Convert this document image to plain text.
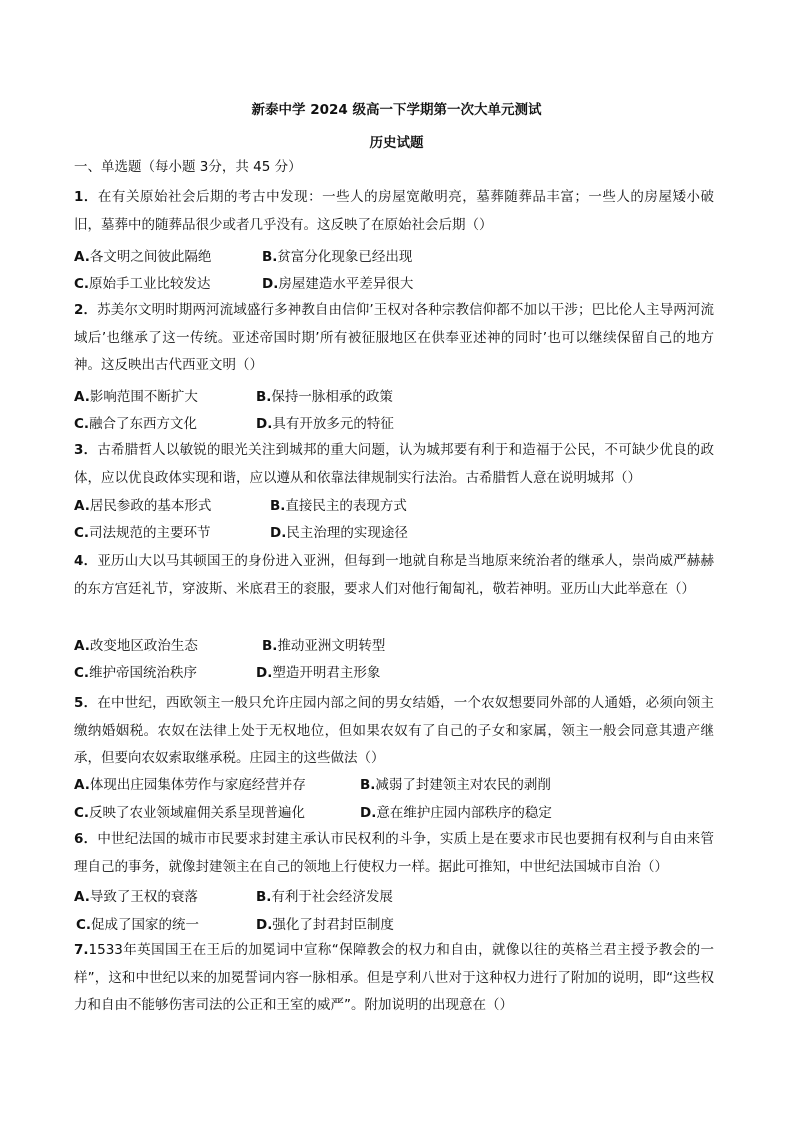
新泰中学 2024 级高一下学期第一次大单元测试
历史试题
一、单选题（每小题 3分，共 45 分）
1．在有关原始社会后期的考古中发现：一些人的房屋宽敞明亮，墓葬随葬品丰富；一些人的房屋矮小破旧，墓葬中的随葬品很少或者几乎没有。这反映了在原始社会后期（）
A.各文明之间彼此隔绝	B.贫富分化现象已经出现
C.原始手工业比较发达	D.房屋建造水平差异很大
2．苏美尔文明时期两河流域盛行多神教自由信仰’王权对各种宗教信仰都不加以干涉；巴比伦人主导两河流域后’也继承了这一传统。亚述帝国时期’所有被征服地区在供奉亚述神的同时’也可以继续保留自己的地方神。这反映出古代西亚文明（）
A.影响范围不断扩大	B.保持一脉相承的政策
C.融合了东西方文化	D.具有开放多元的特征
3．古希腊哲人以敏锐的眼光关注到城邦的重大问题，认为城邦要有利于和造福于公民，不可缺少优良的政体，应以优良政体实现和谐，应以遵从和依靠法律规制实行法治。古希腊哲人意在说明城邦（）
A.居民参政的基本形式	B.直接民主的表现方式
C.司法规范的主要环节	D.民主治理的实现途径
4．亚历山大以马其顿国王的身份进入亚洲，但每到一地就自称是当地原来统治者的继承人，崇尚威严赫赫的东方宫廷礼节，穿波斯、米底君王的衮服，要求人们对他行匍匐礼，敬若神明。亚历山大此举意在（）
A.改变地区政治生态	B.推动亚洲文明转型
C.维护帝国统治秩序	D.塑造开明君主形象
5．在中世纪，西欧领主一般只允许庄园内部之间的男女结婚，一个农奴想要同外部的人通婚，必须向领主缴纳婚姻税。农奴在法律上处于无权地位，但如果农奴有了自己的子女和家属，领主一般会同意其遗产继承，但要向农奴索取继承税。庄园主的这些做法（）
A.体现出庄园集体劳作与家庭经营并存	B.减弱了封建领主对农民的剥削
C.反映了农业领域雇佣关系呈现普遍化	D.意在维护庄园内部秩序的稳定
6．中世纪法国的城市市民要求封建主承认市民权利的斗争，实质上是在要求市民也要拥有权利与自由来管理自己的事务，就像封建领主在自己的领地上行使权力一样。据此可推知，中世纪法国城市自治（）
A.导致了王权的衰落	B.有利于社会经济发展
C.促成了国家的统一	D.强化了封君封臣制度
7.1533年英国国王在王后的加冕词中宣称“保障教会的权力和自由，就像以往的英格兰君主授予教会的一样”，这和中世纪以来的加冕誓词内容一脉相承。但是亨利八世对于这种权力进行了附加的说明，即“这些权力和自由不能够伤害司法的公正和王室的威严”。附加说明的出现意在（）
